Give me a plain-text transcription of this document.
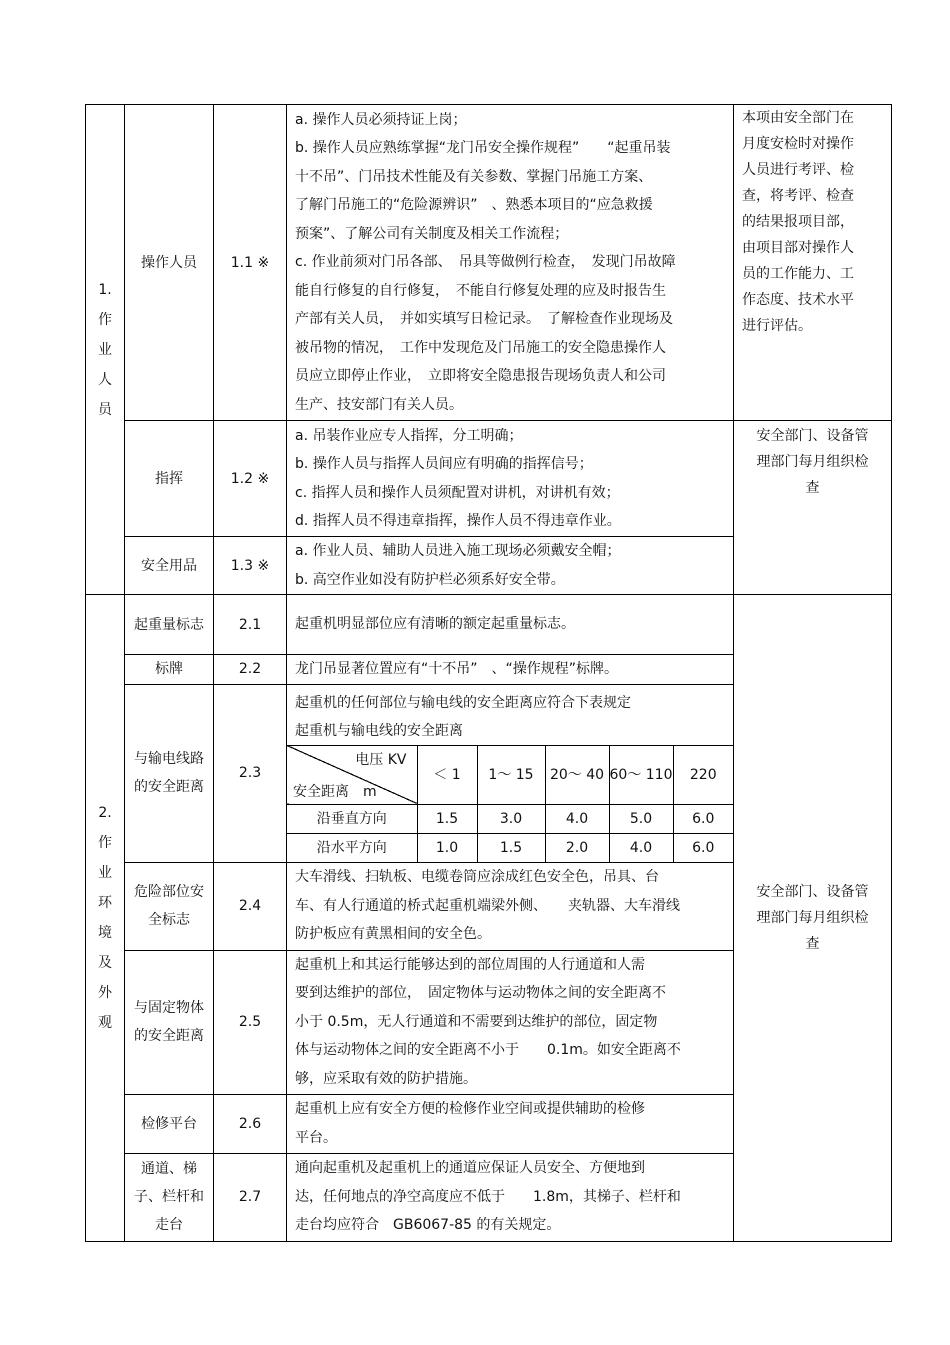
1.
作
业
人
员
	操作人员	1.1 ※	
a. 操作人员必须持证上岗；
b. 操作人员应熟练掌握“龙门吊安全操作规程”　　“起重吊装
十不吊”、门吊技术性能及有关参数、掌握门吊施工方案、
了解门吊施工的“危险源辨识”　、熟悉本项目的“应急救援
预案”、了解公司有关制度及相关工作流程；
c. 作业前须对门吊各部、　吊具等做例行检查，　发现门吊故障
能自行修复的自行修复，　不能自行修复处理的应及时报告生
产部有关人员，　并如实填写日检记录。　了解检查作业现场及
被吊物的情况，　工作中发现危及门吊施工的安全隐患操作人
员应立即停止作业，　立即将安全隐患报告现场负责人和公司
生产、技安部门有关人员。

本项由安全部门在
月度安检时对操作
人员进行考评、检
查，将考评、检查
的结果报项目部，
由项目部对操作人
员的工作能力、工
作态度、技术水平
进行评估。

指挥	1.2 ※	
a. 吊装作业应专人指挥，分工明确；
b. 操作人员与指挥人员间应有明确的指挥信号；
c. 指挥人员和操作人员须配置对讲机，对讲机有效；
d. 指挥人员不得违章指挥，操作人员不得违章作业。

安全部门、设备管
理部门每月组织检
查

安全用品	1.3 ※	
a. 作业人员、辅助人员进入施工现场必须戴安全帽；
b. 高空作业如没有防护栏必须系好安全带。

2.
作
业
环
境
及
外
观
	起重量标志	2.1	起重机明显部位应有清晰的额定起重量标志。

安全部门、设备管
理部门每月组织检
查

标牌	2.2	龙门吊显著位置应有“十不吊”　、“操作规程”标牌。

与输电线路的安全距离	2.3	
起重机的任何部位与输电线的安全距离应符合下表规定
起重机与输电线的安全距离
电压 KV
安全距离　m
	＜ 1	1～ 15	20～ 40	60～ 110	220
沿垂直方向	1.5	3.0	4.0	5.0	6.0
沿水平方向	1.0	1.5	2.0	4.0	6.0

危险部位安全标志	2.4	
大车滑线、扫轨板、电缆卷筒应涂成红色安全色，吊具、台
车、有人行通道的桥式起重机端梁外侧、　　夹轨器、大车滑线
防护板应有黄黑相间的安全色。

与固定物体的安全距离	2.5	
起重机上和其运行能够达到的部位周围的人行通道和人需
要到达维护的部位，　固定物体与运动物体之间的安全距离不
小于 0.5m，无人行通道和不需要到达维护的部位，固定物
体与运动物体之间的安全距离不小于　　0.1m。如安全距离不
够，应采取有效的防护措施。

检修平台	2.6	
起重机上应有安全方便的检修作业空间或提供辅助的检修
平台。

通道、梯子、栏杆和走台	2.7	
通向起重机及起重机上的通道应保证人员安全、方便地到
达，任何地点的净空高度应不低于　　1.8m，其梯子、栏杆和
走台均应符合　GB6067-85 的有关规定。
